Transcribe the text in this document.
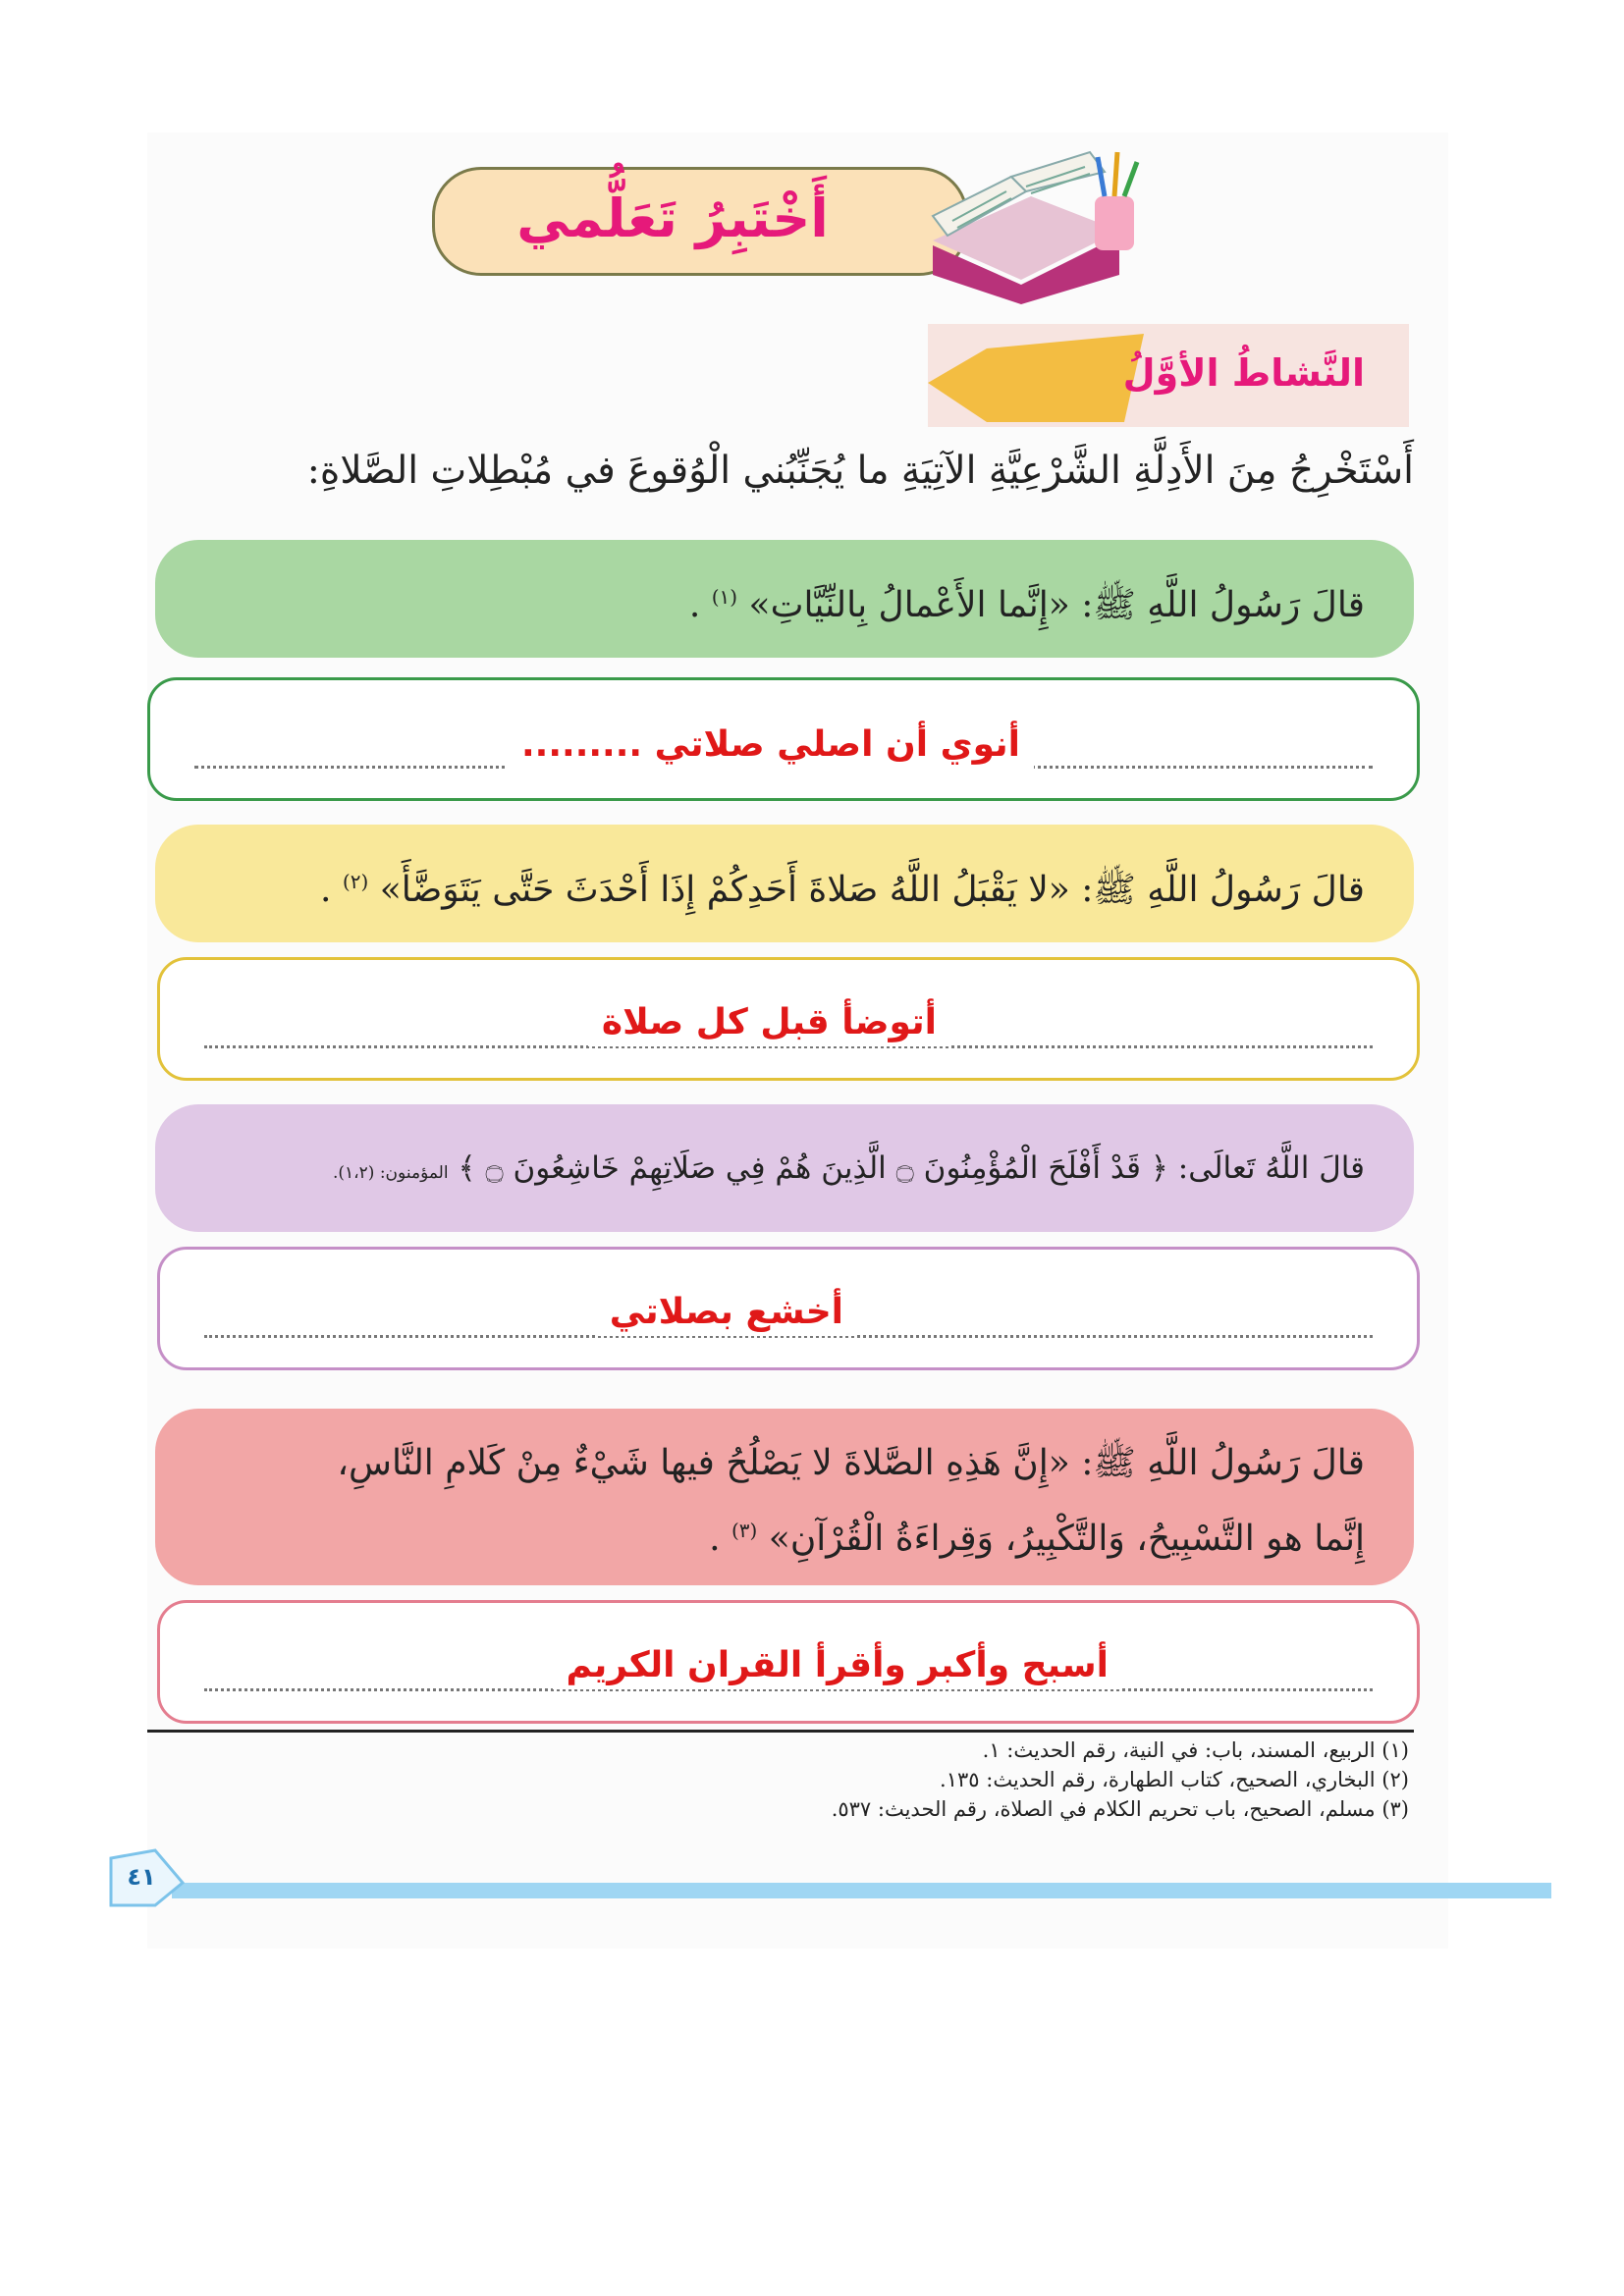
أَخْتَبِرُ تَعَلُّمي
النَّشاطُ الأوَّلُ
أَسْتَخْرِجُ مِنَ الأَدِلَّةِ الشَّرْعِيَّةِ الآتِيَةِ ما يُجَنِّبُني الْوُقوعَ في مُبْطِلاتِ الصَّلاةِ:
قالَ رَسُولُ اللَّهِ ﷺ: «إِنَّما الأَعْمالُ بِالنِّيَّاتِ» $^{(١)}$ .
أنوي أن اصلي صلاتي .........
قالَ رَسُولُ اللَّهِ ﷺ: «لا يَقْبَلُ اللَّهُ صَلاةَ أَحَدِكُمْ إِذَا أَحْدَثَ حَتَّى يَتَوَضَّأَ» $^{(٢)}$ .
أتوضأ قبل كل صلاة
قالَ اللَّهُ تَعالَى: ﴿ قَدْ أَفْلَحَ الْمُؤْمِنُونَ ۝ الَّذِينَ هُمْ فِي صَلَاتِهِمْ خَاشِعُونَ ۝ ﴾ المؤمنون: (١،٢).
أخشع بصلاتي
قالَ رَسُولُ اللَّهِ ﷺ: «إِنَّ هَذِهِ الصَّلاةَ لا يَصْلُحُ فيها شَيْءٌ مِنْ كَلامِ النَّاسِ،
إِنَّما هو التَّسْبِيحُ، وَالتَّكْبِيرُ، وَقِراءَةُ الْقُرْآنِ» $^{(٣)}$ .
أسبح وأكبر وأقرأ القران الكريم
(١) الربيع، المسند، باب: في النية، رقم الحديث: ١.
(٢) البخاري، الصحيح، كتاب الطهارة، رقم الحديث: ١٣٥.
(٣) مسلم، الصحيح، باب تحريم الكلام في الصلاة، رقم الحديث: ٥٣٧.
٤١
